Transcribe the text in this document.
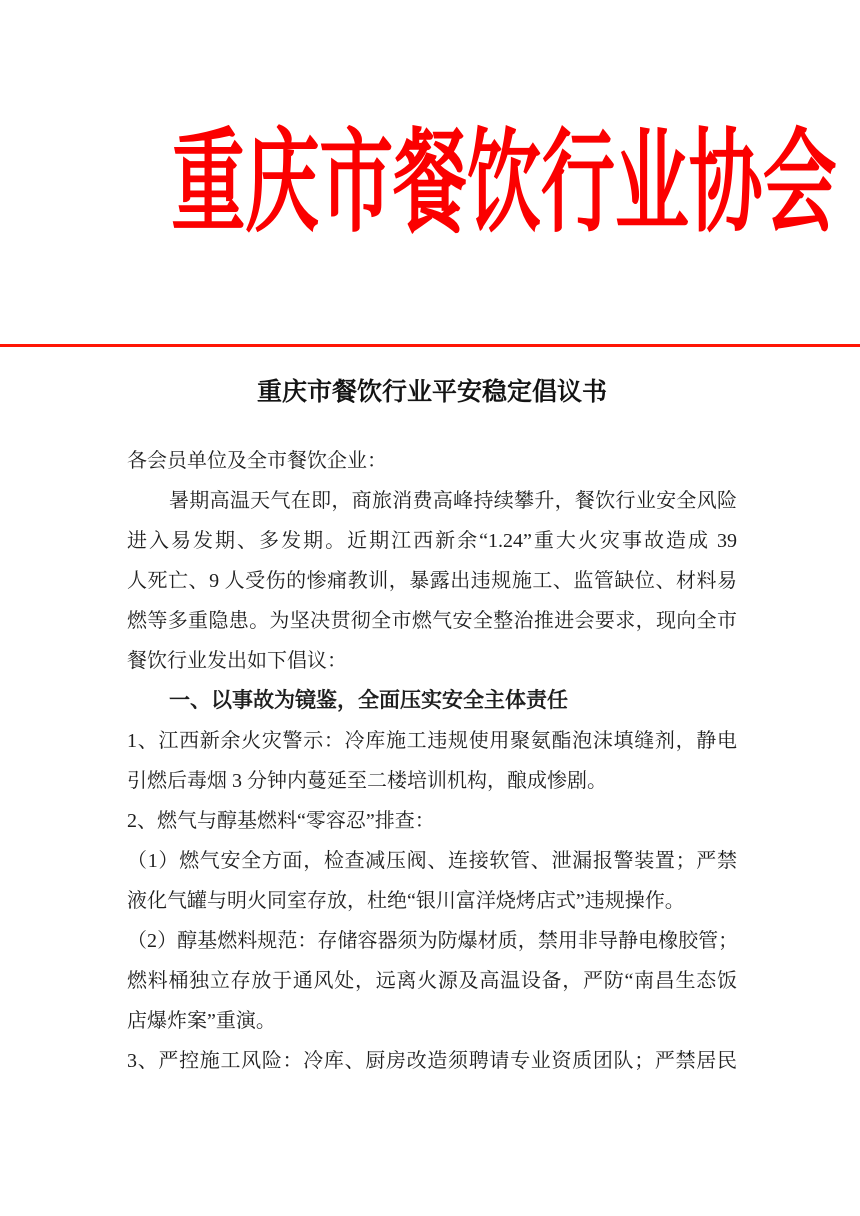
重庆市餐饮行业协会
重庆市餐饮行业平安稳定倡议书
各会员单位及全市餐饮企业：
暑期高温天气在即，商旅消费高峰持续攀升，餐饮行业安全风险
进入易发期、多发期。近期江西新余“1.24”重大火灾事故造成 39
人死亡、9 人受伤的惨痛教训，暴露出违规施工、监管缺位、材料易
燃等多重隐患。为坚决贯彻全市燃气安全整治推进会要求，现向全市
餐饮行业发出如下倡议：
一、以事故为镜鉴，全面压实安全主体责任
1、江西新余火灾警示：冷库施工违规使用聚氨酯泡沫填缝剂，静电
引燃后毒烟 3 分钟内蔓延至二楼培训机构，酿成惨剧。
2、燃气与醇基燃料“零容忍”排查：
（1）燃气安全方面，检查减压阀、连接软管、泄漏报警装置；严禁
液化气罐与明火同室存放，杜绝“银川富洋烧烤店式”违规操作。
（2）醇基燃料规范：存储容器须为防爆材质，禁用非导静电橡胶管；
燃料桶独立存放于通风处，远离火源及高温设备，严防“南昌生态饭
店爆炸案”重演。
3、严控施工风险：冷库、厨房改造须聘请专业资质团队；严禁居民
